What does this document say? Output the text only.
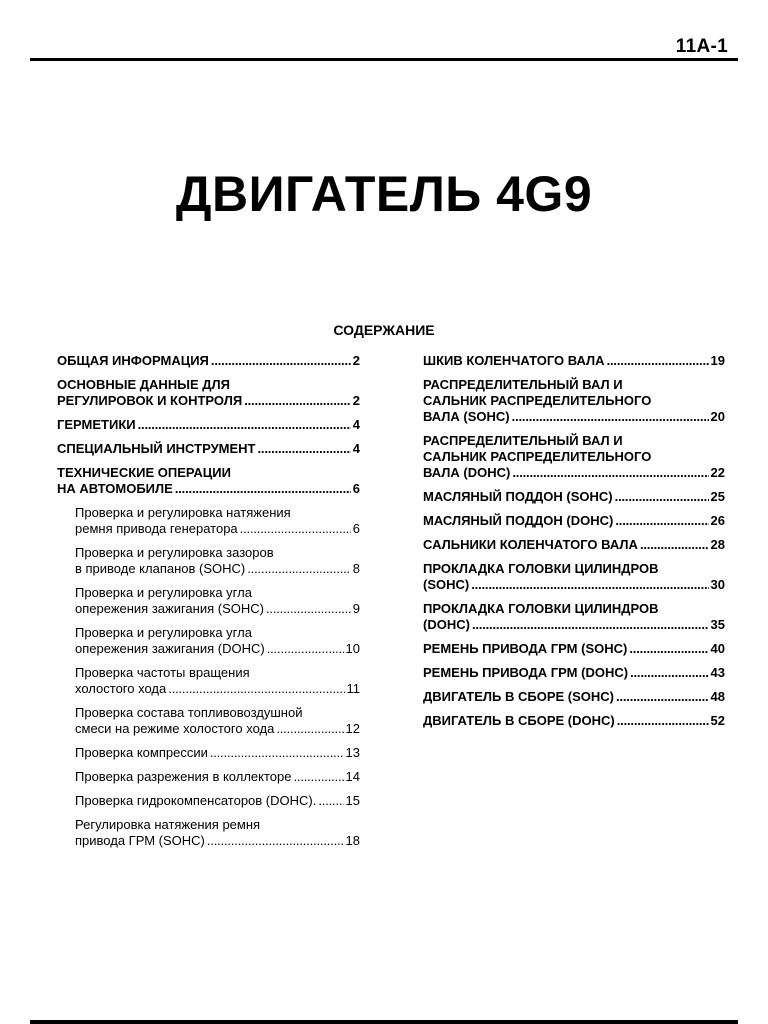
11A-1
ДВИГАТЕЛЬ 4G9
СОДЕРЖАНИЕ
ОБЩАЯ ИНФОРМАЦИЯ . . .	2
ОСНОВНЫЕ ДАННЫЕ ДЛЯ
РЕГУЛИРОВОК И КОНТРОЛЯ . . .	2
ГЕРМЕТИКИ . . .	4
СПЕЦИАЛЬНЫЙ ИНСТРУМЕНТ . . .	4
ТЕХНИЧЕСКИЕ ОПЕРАЦИИ
НА АВТОМОБИЛЕ . . .	6
Проверка и регулировка натяжения
ремня привода генератора . . .	6
Проверка и регулировка зазоров
в приводе клапанов (SOHC) . . .	8
Проверка и регулировка угла
опережения зажигания (SOHC) . . .	9
Проверка и регулировка угла
опережения зажигания (DOHC) . . .	10
Проверка частоты вращения
холостого хода . . .	11
Проверка состава топливовоздушной
смеси на режиме холостого хода . . .	12
Проверка компрессии . . .	13
Проверка разрежения в коллекторе . . .	14
Проверка гидрокомпенсаторов (DOHC). . . . 15
Регулировка натяжения ремня
привода ГРМ (SOHC) . . .	18
ШКИВ КОЛЕНЧАТОГО ВАЛА . . .	19
РАСПРЕДЕЛИТЕЛЬНЫЙ ВАЛ И
САЛЬНИК РАСПРЕДЕЛИТЕЛЬНОГО
ВАЛА (SOHC) . . .	20
РАСПРЕДЕЛИТЕЛЬНЫЙ ВАЛ И
САЛЬНИК РАСПРЕДЕЛИТЕЛЬНОГО
ВАЛА (DOHC) . . .	22
МАСЛЯНЫЙ ПОДДОН (SOHC) . . .	25
МАСЛЯНЫЙ ПОДДОН (DOHC) . . .	26
САЛЬНИКИ КОЛЕНЧАТОГО ВАЛА . . .	28
ПРОКЛАДКА ГОЛОВКИ ЦИЛИНДРОВ
(SOHC) . . .	30
ПРОКЛАДКА ГОЛОВКИ ЦИЛИНДРОВ
(DOHC) . . .	35
РЕМЕНЬ ПРИВОДА ГРМ (SOHC) . . .	40
РЕМЕНЬ ПРИВОДА ГРМ (DOHC) . . .	43
ДВИГАТЕЛЬ В СБОРЕ (SOHC) . . .	48
ДВИГАТЕЛЬ В СБОРЕ (DOHC) . . .	52
